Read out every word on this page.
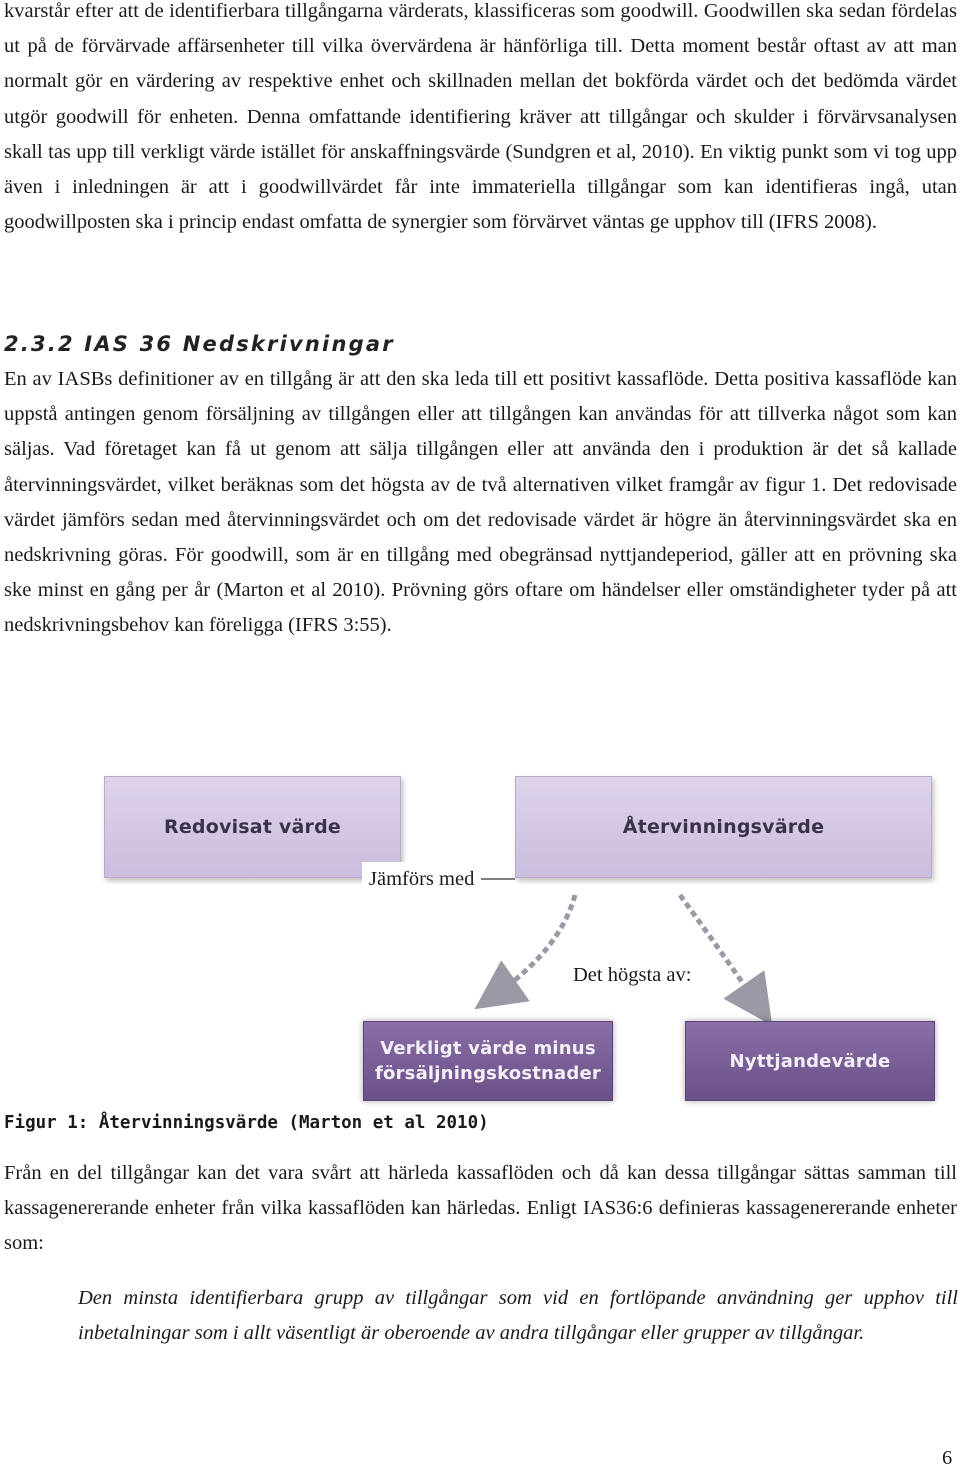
kvarstår efter att de identifierbara tillgångarna värderats, klassificeras som goodwill. Goodwillen ska sedan fördelas ut på de förvärvade affärsenheter till vilka övervärdena är hänförliga till. Detta moment består oftast av att man normalt gör en värdering av respektive enhet och skillnaden mellan det bokförda värdet och det bedömda värdet utgör goodwill för enheten. Denna omfattande identifiering kräver att tillgångar och skulder i förvärvsanalysen skall tas upp till verkligt värde istället för anskaffningsvärde (Sundgren et al, 2010). En viktig punkt som vi tog upp även i inledningen är att i goodwillvärdet får inte immateriella tillgångar som kan identifieras ingå, utan goodwillposten ska i princip endast omfatta de synergier som förvärvet väntas ge upphov till (IFRS 2008).

2.3.2 IAS 36 Nedskrivningar

En av IASBs definitioner av en tillgång är att den ska leda till ett positivt kassaflöde. Detta positiva kassaflöde kan uppstå antingen genom försäljning av tillgången eller att tillgången kan användas för att tillverka något som kan säljas. Vad företaget kan få ut genom att sälja tillgången eller att använda den i produktion är det så kallade återvinningsvärdet, vilket beräknas som det högsta av de två alternativen vilket framgår av figur 1. Det redovisade värdet jämförs sedan med återvinningsvärdet och om det redovisade värdet är högre än återvinningsvärdet ska en nedskrivning göras. För goodwill, som är en tillgång med obegränsad nyttjandeperiod, gäller att en prövning ska ske minst en gång per år (Marton et al 2010). Prövning görs oftare om händelser eller omständigheter tyder på att nedskrivningsbehov kan föreligga (IFRS 3:55).

Redovisat värde	Återvinningsvärde
Jämförs med
Det högsta av:
Verkligt värde minus
försäljningskostnader
Nyttjandevärde

Figur 1: Återvinningsvärde (Marton et al 2010)

Från en del tillgångar kan det vara svårt att härleda kassaflöden och då kan dessa tillgångar sättas samman till kassagenererande enheter från vilka kassaflöden kan härledas. Enligt IAS36:6 definieras kassagenererande enheter som:

Den minsta identifierbara grupp av tillgångar som vid en fortlöpande användning ger upphov till inbetalningar som i allt väsentligt är oberoende av andra tillgångar eller grupper av tillgångar.

6
